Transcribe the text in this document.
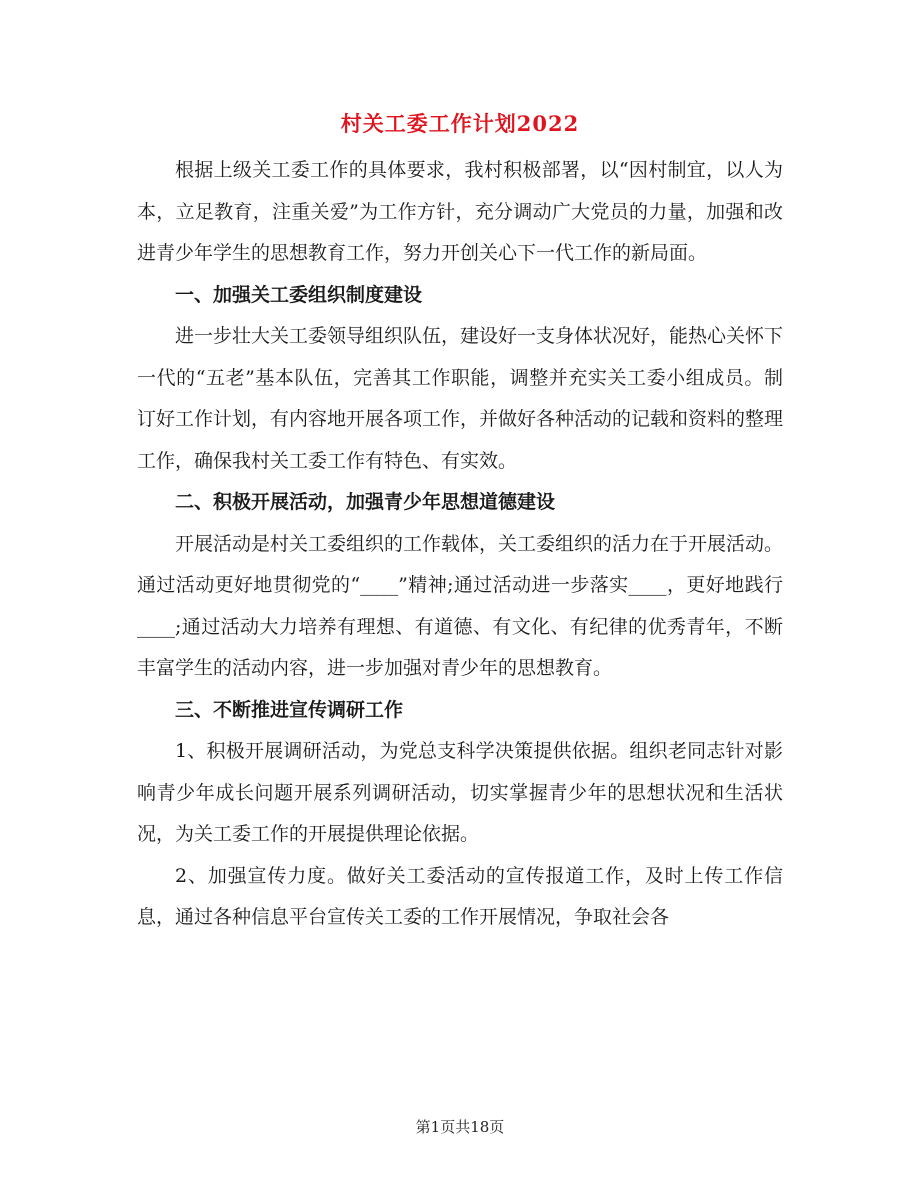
村关工委工作计划2022

根据上级关工委工作的具体要求，我村积极部署，以“因村制宜，以人为本，立足教育，注重关爱”为工作方针，充分调动广大党员的力量，加强和改进青少年学生的思想教育工作，努力开创关心下一代工作的新局面。

一、加强关工委组织制度建设

进一步壮大关工委领导组织队伍，建设好一支身体状况好，能热心关怀下一代的“五老”基本队伍，完善其工作职能，调整并充实关工委小组成员。制订好工作计划，有内容地开展各项工作，并做好各种活动的记载和资料的整理工作，确保我村关工委工作有特色、有实效。

二、积极开展活动，加强青少年思想道德建设

开展活动是村关工委组织的工作载体，关工委组织的活力在于开展活动。通过活动更好地贯彻党的“____”精神;通过活动进一步落实____，更好地践行____;通过活动大力培养有理想、有道德、有文化、有纪律的优秀青年，不断丰富学生的活动内容，进一步加强对青少年的思想教育。

三、不断推进宣传调研工作

1、积极开展调研活动，为党总支科学决策提供依据。组织老同志针对影响青少年成长问题开展系列调研活动，切实掌握青少年的思想状况和生活状况，为关工委工作的开展提供理论依据。

2、加强宣传力度。做好关工委活动的宣传报道工作，及时上传工作信息，通过各种信息平台宣传关工委的工作开展情况，争取社会各

第1页共18页
